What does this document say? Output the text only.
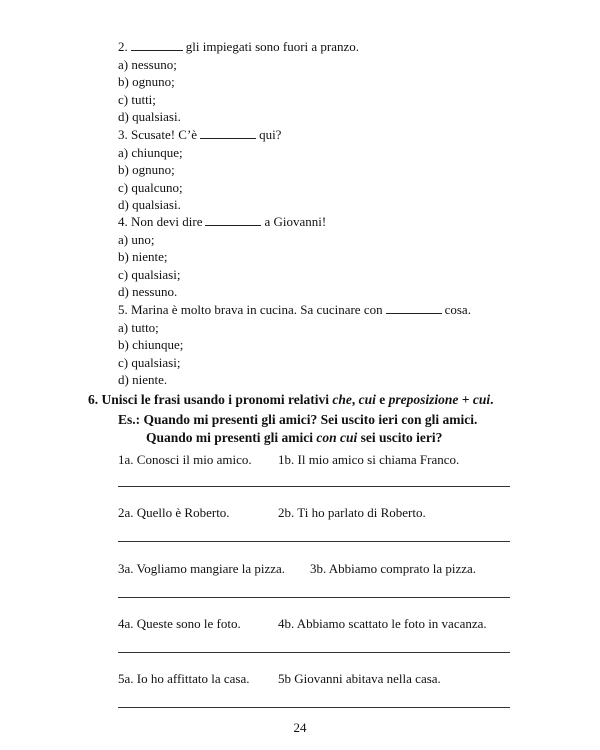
2.	gli impiegati sono fuori a pranzo.
a) nessuno;
b) ognuno;
c) tutti;
d) qualsiasi.
3. Scusate! C’è	qui?
a) chiunque;
b) ognuno;
c) qualcuno;
d) qualsiasi.
4. Non devi dire	a Giovanni!
a) uno;
b) niente;
c) qualsiasi;
d) nessuno.
5. Marina è molto brava in cucina. Sa cucinare con	cosa.
a) tutto;
b) chiunque;
c) qualsiasi;
d) niente.
6. Unisci le frasi usando i pronomi relativi che, cui e preposizione + cui.
Es.: Quando mi presenti gli amici? Sei uscito ieri con gli amici.
Quando mi presenti gli amici con cui sei uscito ieri?
1a. Conosci il mio amico. 1b. Il mio amico si chiama Franco.
2a. Quello è Roberto.	2b. Ti ho parlato di Roberto.
3a. Vogliamo mangiare la pizza. 3b. Abbiamo comprato la pizza.
4a. Queste sono le foto.	4b. Abbiamo scattato le foto in vacanza.
5a. Io ho affittato la casa. 5b Giovanni abitava nella casa.
24
